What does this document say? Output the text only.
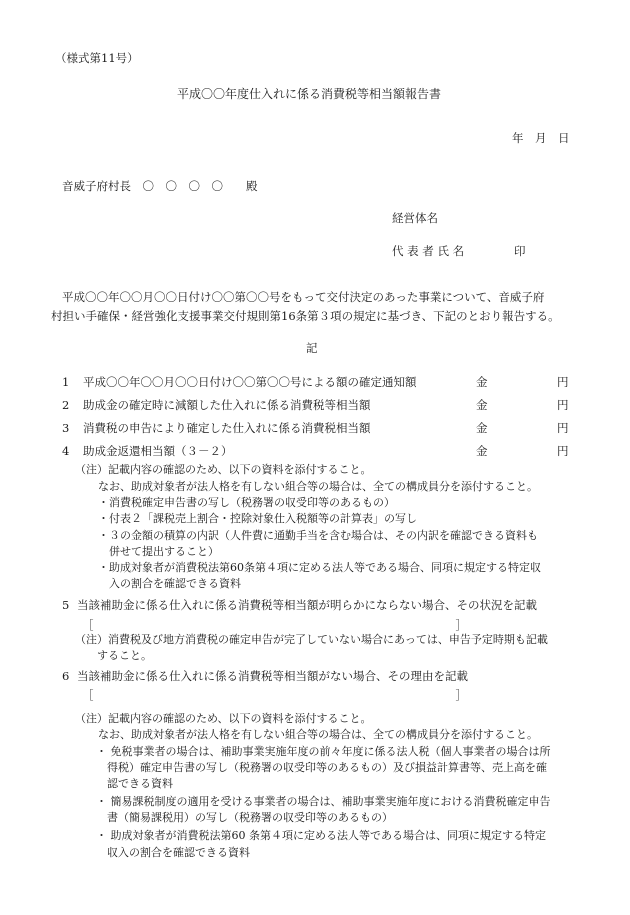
（様式第11号）
平成〇〇年度仕入れに係る消費税等相当額報告書
年　月　日
音威子府村長　〇　〇　〇　〇　　殿
経営体名
代 表 者 氏 名	印
平成〇〇年〇〇月〇〇日付け〇〇第〇〇号をもって交付決定のあった事業について、音威子府
村担い手確保・経営強化支援事業交付規則第16条第３項の規定に基づき、下記のとおり報告する。
記
1 平成〇〇年〇〇月〇〇日付け〇〇第〇〇号による額の確定通知額	金	円
2 助成金の確定時に減額した仕入れに係る消費税等相当額	金	円
3 消費税の申告により確定した仕入れに係る消費税相当額	金	円
4 助成金返還相当額（３－２）	金	円
（注）記載内容の確認のため、以下の資料を添付すること。
なお、助成対象者が法人格を有しない組合等の場合は、全ての構成員分を添付すること。
・消費税確定申告書の写し（税務署の収受印等のあるもの）
・付表２「課税売上割合・控除対象仕入税額等の計算表」の写し
・３の金額の積算の内訳（人件費に通勤手当を含む場合は、その内訳を確認できる資料も
　併せて提出すること）
・助成対象者が消費税法第60条第４項に定める法人等である場合、同項に規定する特定収
　入の割合を確認できる資料
5 当該補助金に係る仕入れに係る消費税等相当額が明らかにならない場合、その状況を記載
［	］
（注）消費税及び地方消費税の確定申告が完了していない場合にあっては、申告予定時期も記載
　　すること。
6 当該補助金に係る仕入れに係る消費税等相当額がない場合、その理由を記載
［	］
（注）記載内容の確認のため、以下の資料を添付すること。
なお、助成対象者が法人格を有しない組合等の場合は、全ての構成員分を添付すること。
・ 免税事業者の場合は、補助事業実施年度の前々年度に係る法人税（個人事業者の場合は所
　得税）確定申告書の写し（税務署の収受印等のあるもの）及び損益計算書等、売上高を確
　認できる資料
・ 簡易課税制度の適用を受ける事業者の場合は、補助事業実施年度における消費税確定申告
　書（簡易課税用）の写し（税務署の収受印等のあるもの）
・ 助成対象者が消費税法第60 条第４項に定める法人等である場合は、同項に規定する特定
　収入の割合を確認できる資料
